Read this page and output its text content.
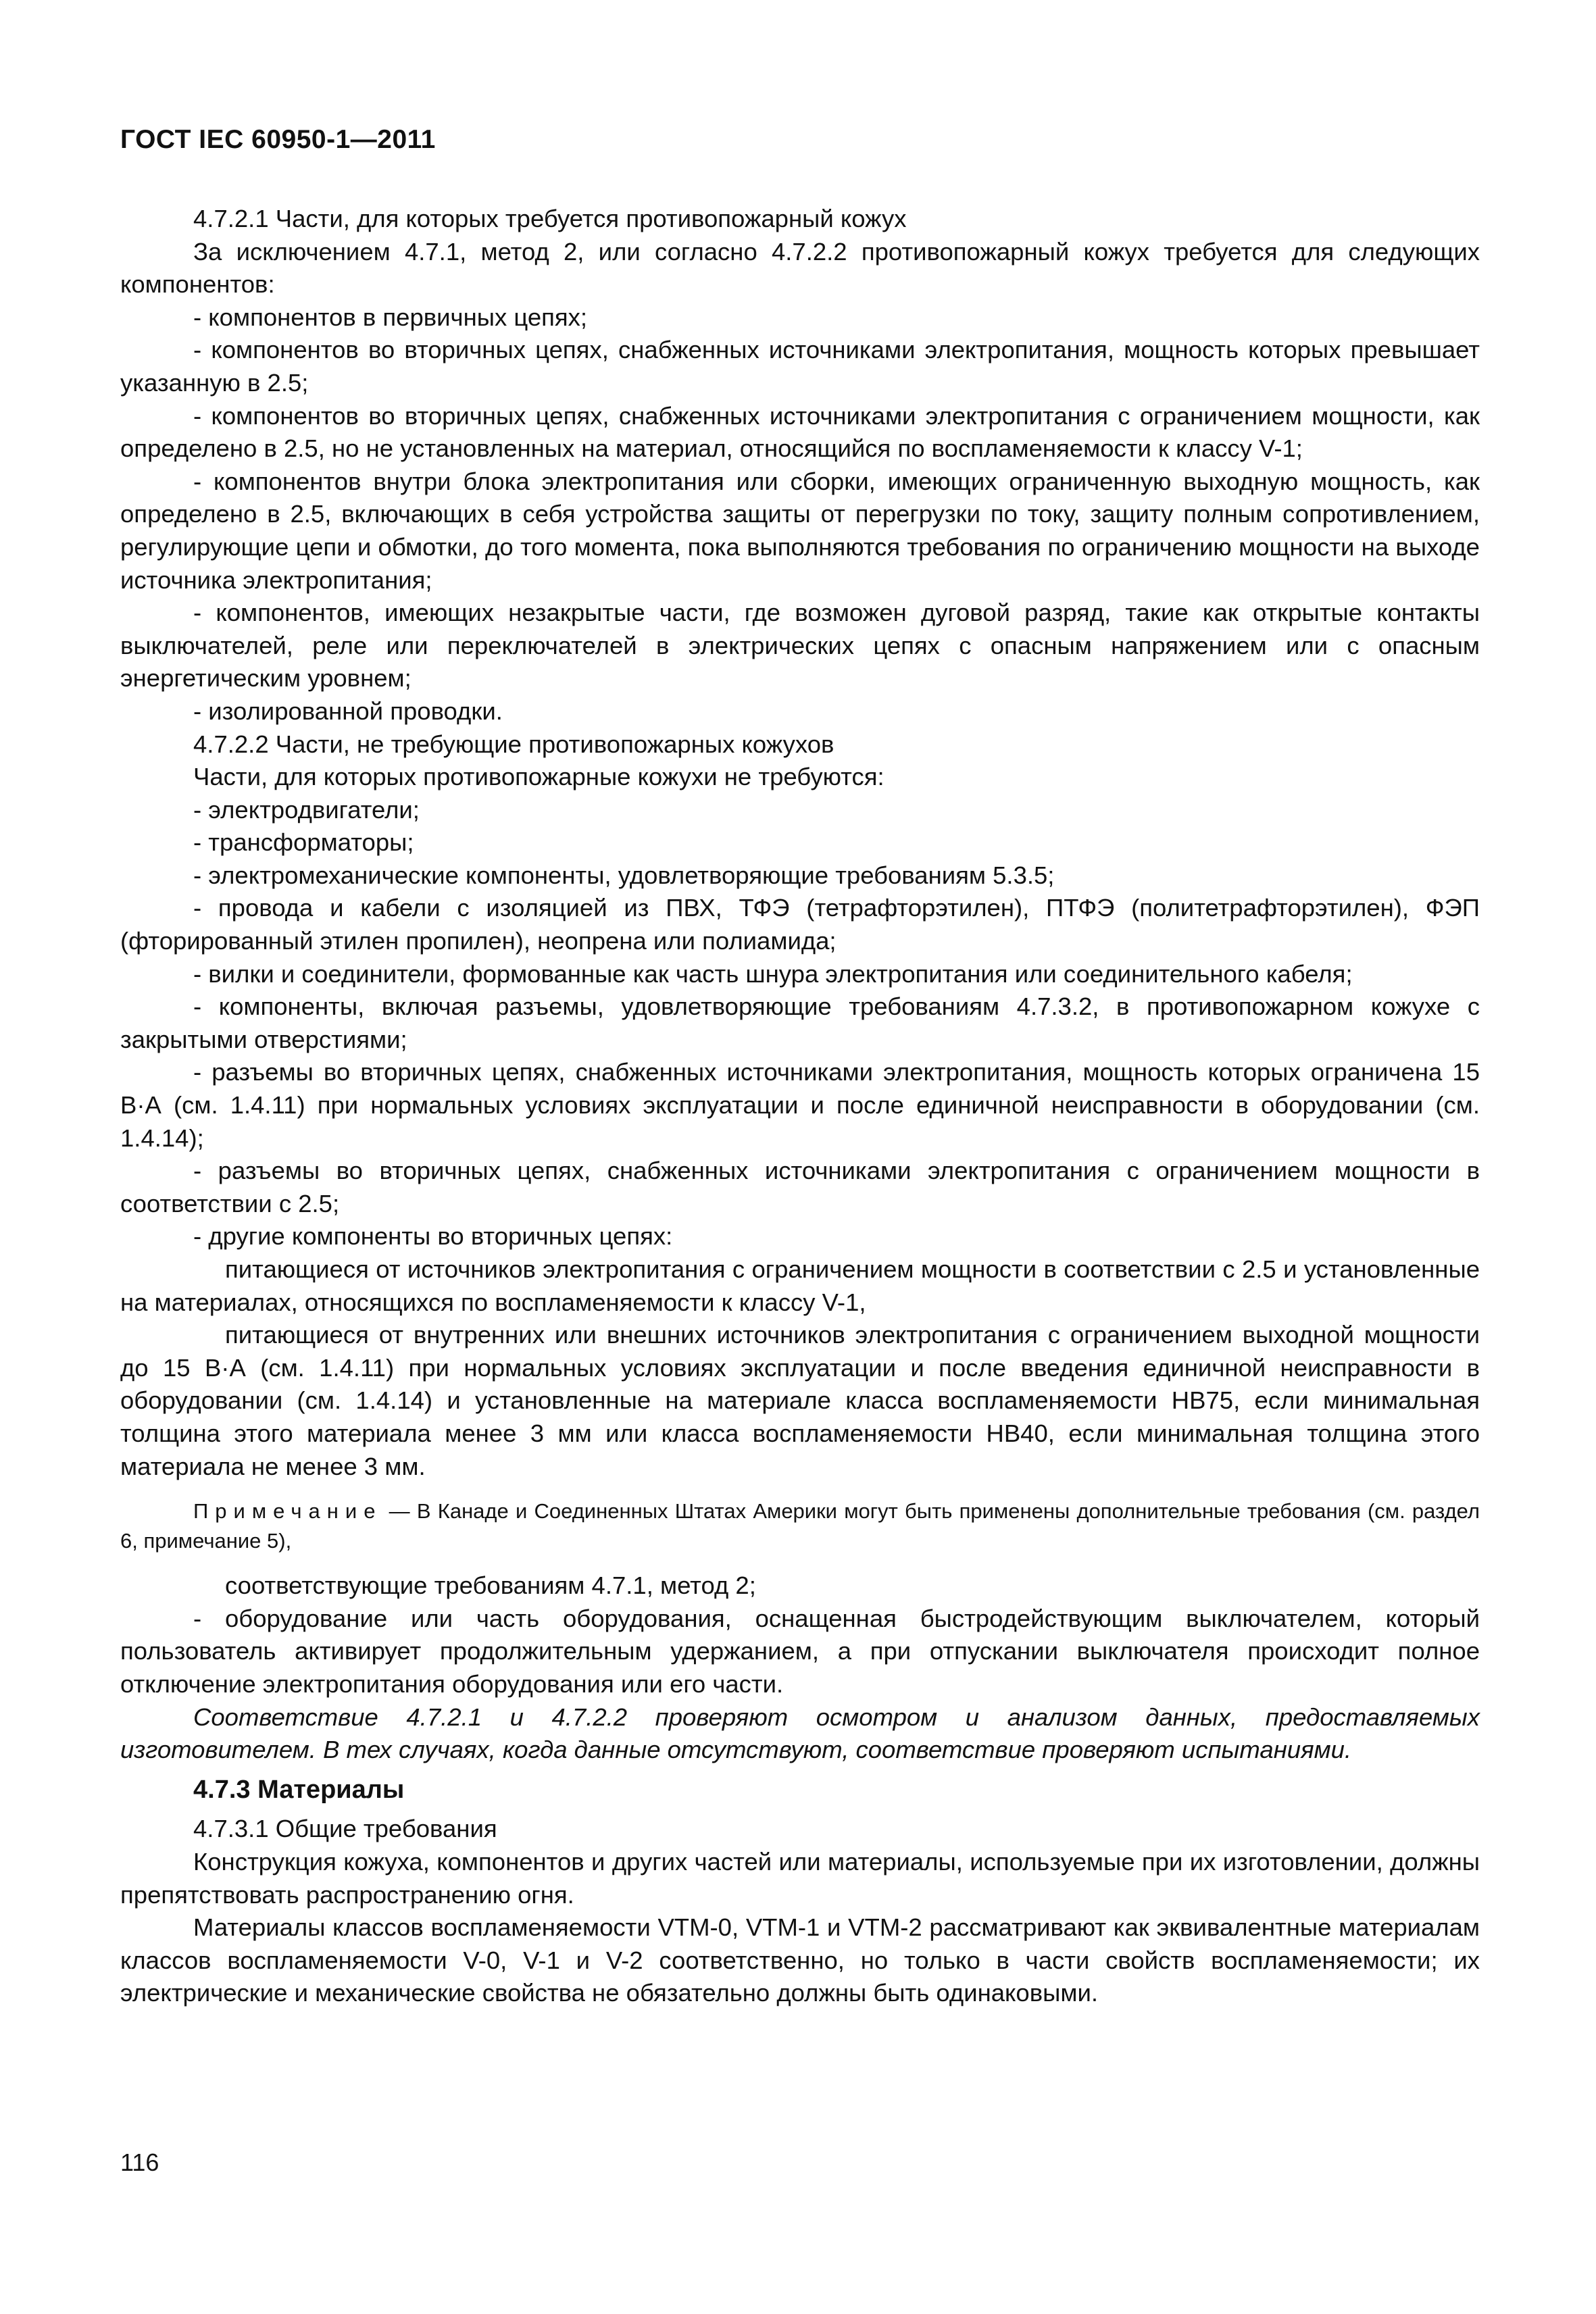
ГОСТ IEC 60950-1—2011

4.7.2.1 Части, для которых требуется противопожарный кожух

За исключением 4.7.1, метод 2, или согласно 4.7.2.2 противопожарный кожух требуется для следующих компонентов:

- компонентов в первичных цепях;

- компонентов во вторичных цепях, снабженных источниками электропитания, мощность которых превышает указанную в 2.5;

- компонентов во вторичных цепях, снабженных источниками электропитания с ограничением мощности, как определено в 2.5, но не установленных на материал, относящийся по воспламеняемости к классу V-1;

- компонентов внутри блока электропитания или сборки, имеющих ограниченную выходную мощность, как определено в 2.5, включающих в себя устройства защиты от перегрузки по току, защиту полным сопротивлением, регулирующие цепи и обмотки, до того момента, пока выполняются требования по ограничению мощности на выходе источника электропитания;

- компонентов, имеющих незакрытые части, где возможен дуговой разряд, такие как открытые контакты выключателей, реле или переключателей в электрических цепях с опасным напряжением или с опасным энергетическим уровнем;

- изолированной проводки.

4.7.2.2 Части, не требующие противопожарных кожухов

Части, для которых противопожарные кожухи не требуются:

- электродвигатели;

- трансформаторы;

- электромеханические компоненты, удовлетворяющие требованиям 5.3.5;

- провода и кабели с изоляцией из ПВХ, ТФЭ (тетрафторэтилен), ПТФЭ (политетрафторэтилен), ФЭП (фторированный этилен пропилен), неопрена или полиамида;

- вилки и соединители, формованные как часть шнура электропитания или соединительного кабеля;

- компоненты, включая разъемы, удовлетворяющие требованиям 4.7.3.2, в противопожарном кожухе с закрытыми отверстиями;

- разъемы во вторичных цепях, снабженных источниками электропитания, мощность которых ограничена 15 В·А (см. 1.4.11) при нормальных условиях эксплуатации и после единичной неисправности в оборудовании (см. 1.4.14);

- разъемы во вторичных цепях, снабженных источниками электропитания с ограничением мощности в соответствии с 2.5;

- другие компоненты во вторичных цепях:

питающиеся от источников электропитания с ограничением мощности в соответствии с 2.5 и установленные на материалах, относящихся по воспламеняемости к классу V-1,

питающиеся от внутренних или внешних источников электропитания с ограничением выходной мощности до 15 В·А (см. 1.4.11) при нормальных условиях эксплуатации и после введения единичной неисправности в оборудовании (см. 1.4.14) и установленные на материале класса воспламеняемости НВ75, если минимальная толщина этого материала менее 3 мм или класса воспламеняемости НВ40, если минимальная толщина этого материала не менее 3 мм.

Примечание — В Канаде и Соединенных Штатах Америки могут быть применены дополнительные требования (см. раздел 6, примечание 5),

соответствующие требованиям 4.7.1, метод 2;

- оборудование или часть оборудования, оснащенная быстродействующим выключателем, который пользователь активирует продолжительным удержанием, а при отпускании выключателя происходит полное отключение электропитания оборудования или его части.

Соответствие 4.7.2.1 и 4.7.2.2 проверяют осмотром и анализом данных, предоставляемых изготовителем. В тех случаях, когда данные отсутствуют, соответствие проверяют испытаниями.

4.7.3 Материалы

4.7.3.1 Общие требования

Конструкция кожуха, компонентов и других частей или материалы, используемые при их изготовлении, должны препятствовать распространению огня.

Материалы классов воспламеняемости VTM-0, VTM-1 и VTM-2 рассматривают как эквивалентные материалам классов воспламеняемости V-0, V-1 и V-2 соответственно, но только в части свойств воспламеняемости; их электрические и механические свойства не обязательно должны быть одинаковыми.

116
